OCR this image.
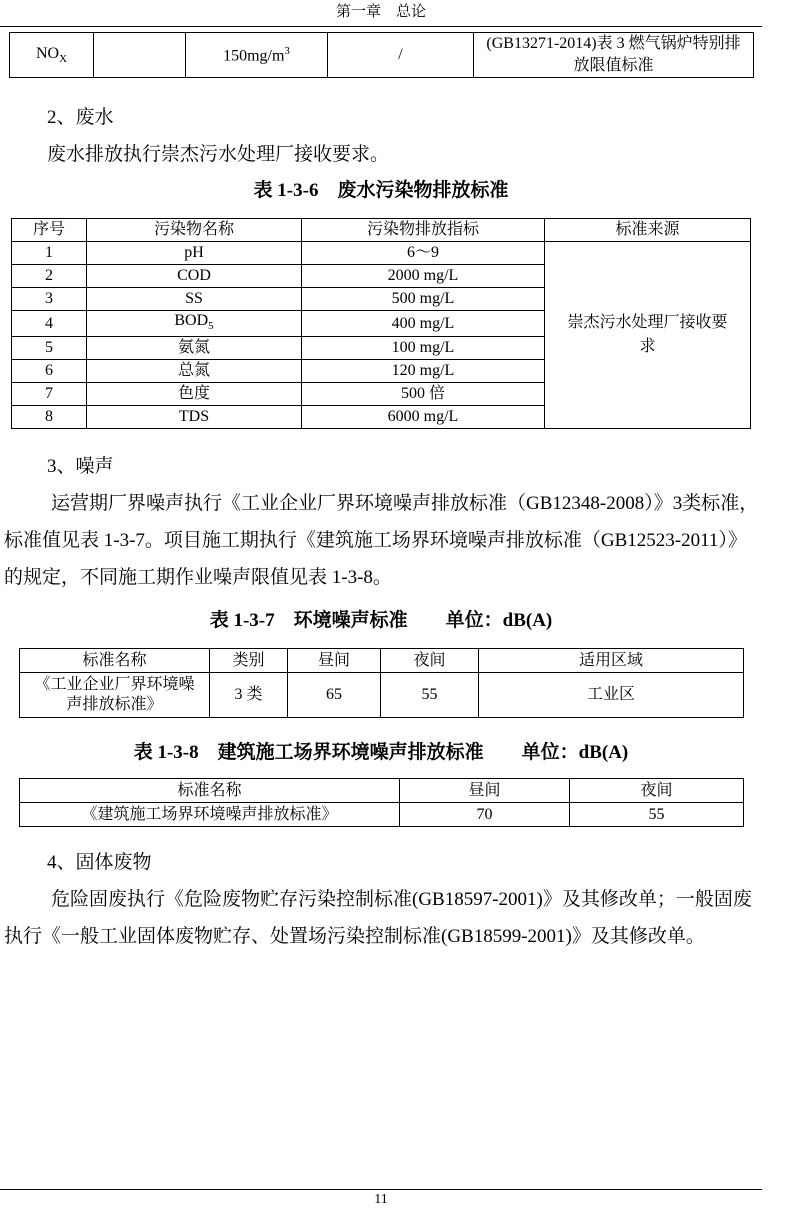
第一章　总论
$NO_X$		$150mg/m^3$	/	(GB13271-2014)表 3 燃气锅炉特别排放限值标准
2、废水
废水排放执行崇杰污水处理厂接收要求。
表 1-3-6　废水污染物排放标准
序号	污染物名称	污染物排放指标	标准来源
1	pH	6～9	崇杰污水处理厂接收要求
2	COD	2000 mg/L	
3	SS	500 mg/L	
4	$BOD_5$	400 mg/L	
5	氨氮	100 mg/L	
6	总氮	120 mg/L	
7	色度	500 倍	
8	TDS	6000 mg/L	
3、噪声
运营期厂界噪声执行《工业企业厂界环境噪声排放标准（GB12348-2008）》3类标准，标准值见表 1-3-7。项目施工期执行《建筑施工场界环境噪声排放标准（GB12523-2011）》的规定，不同施工期作业噪声限值见表 1-3-8。
表 1-3-7　环境噪声标准　　单位：dB(A)
标准名称	类别	昼间	夜间	适用区域
《工业企业厂界环境噪声排放标准》	3 类	65	55	工业区
表 1-3-8　建筑施工场界环境噪声排放标准　　单位：dB(A)
标准名称	昼间	夜间
《建筑施工场界环境噪声排放标准》	70	55
4、固体废物
危险固废执行《危险废物贮存污染控制标准(GB18597-2001)》及其修改单；一般固废执行《一般工业固体废物贮存、处置场污染控制标准(GB18599-2001)》及其修改单。
11
